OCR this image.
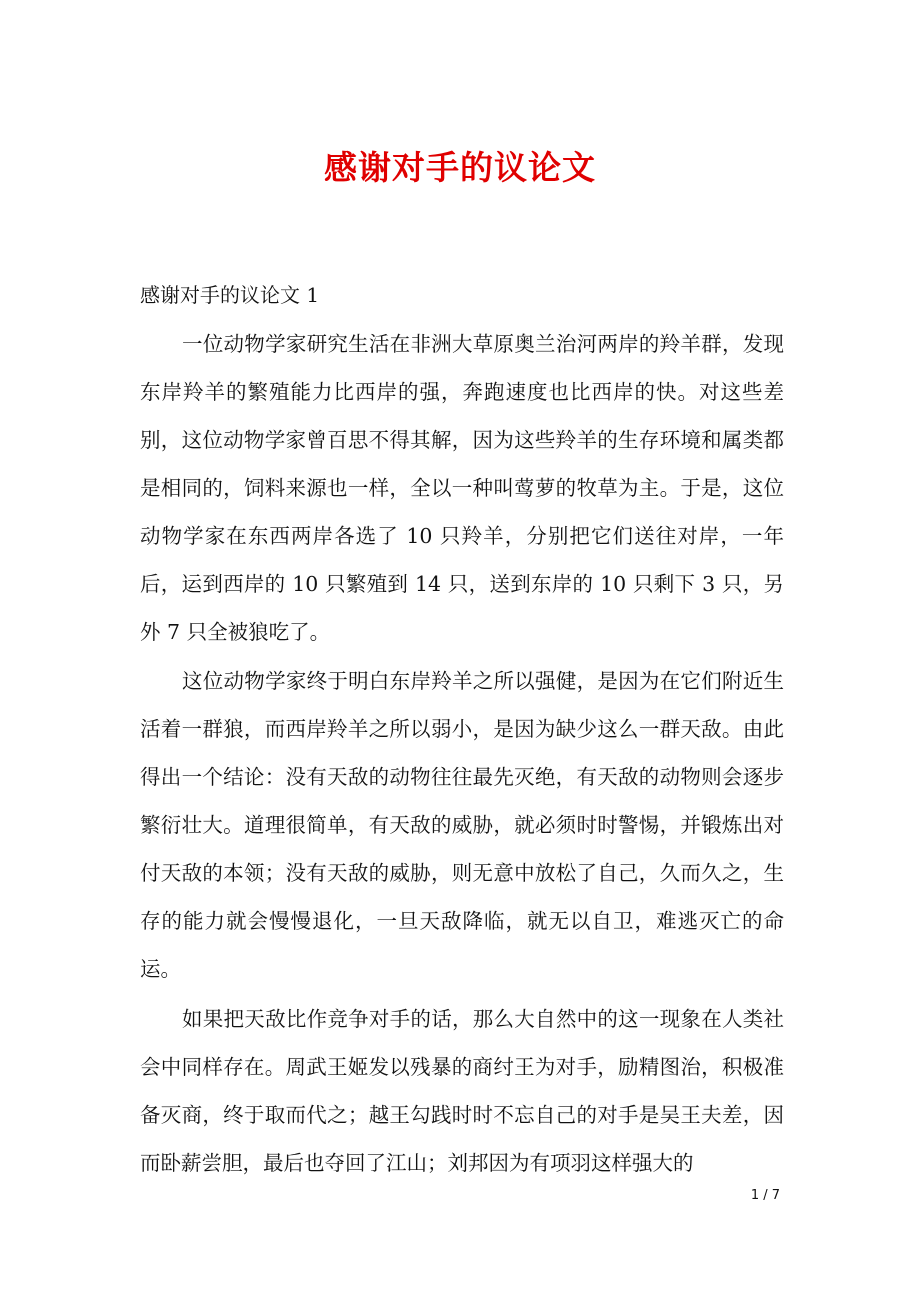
感谢对手的议论文

感谢对手的议论文 1

一位动物学家研究生活在非洲大草原奥兰治河两岸的羚羊群，发现东岸羚羊的繁殖能力比西岸的强，奔跑速度也比西岸的快。对这些差别，这位动物学家曾百思不得其解，因为这些羚羊的生存环境和属类都是相同的，饲料来源也一样，全以一种叫莺萝的牧草为主。于是，这位动物学家在东西两岸各选了 10 只羚羊，分别把它们送往对岸，一年后，运到西岸的 10 只繁殖到 14 只，送到东岸的 10 只剩下 3 只，另外 7 只全被狼吃了。

这位动物学家终于明白东岸羚羊之所以强健，是因为在它们附近生活着一群狼，而西岸羚羊之所以弱小，是因为缺少这么一群天敌。由此得出一个结论：没有天敌的动物往往最先灭绝，有天敌的动物则会逐步繁衍壮大。道理很简单，有天敌的威胁，就必须时时警惕，并锻炼出对付天敌的本领；没有天敌的威胁，则无意中放松了自己，久而久之，生存的能力就会慢慢退化，一旦天敌降临，就无以自卫，难逃灭亡的命运。

如果把天敌比作竞争对手的话，那么大自然中的这一现象在人类社会中同样存在。周武王姬发以残暴的商纣王为对手，励精图治，积极准备灭商，终于取而代之；越王勾践时时不忘自己的对手是吴王夫差，因而卧薪尝胆，最后也夺回了江山；刘邦因为有项羽这样强大的

1 / 7
